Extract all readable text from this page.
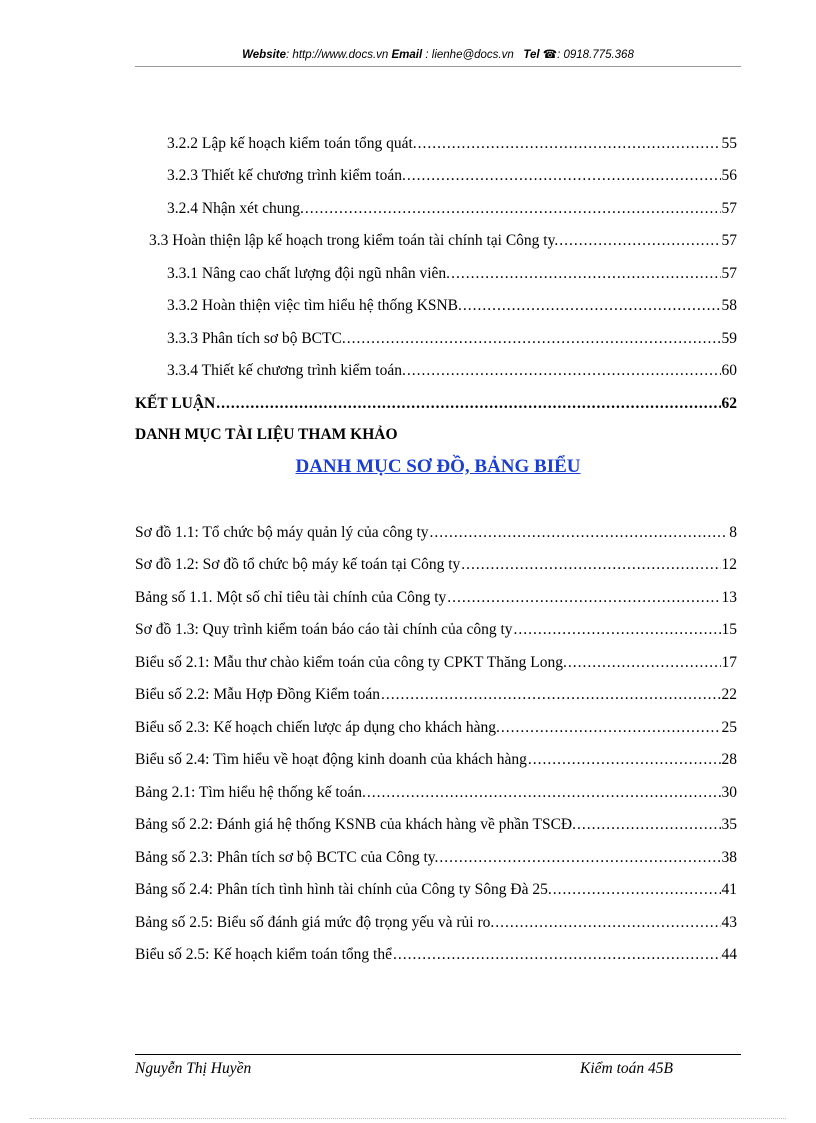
Website: http://www.docs.vn Email : lienhe@docs.vn Tel ☎: 0918.775.368
3.2.2 Lập kế hoạch kiểm toán tổng quát. .....	55
3.2.3 Thiết kế chương trình kiểm toán. .....	56
3.2.4 Nhận xét chung. .....	57
3.3 Hoàn thiện lập kế hoạch trong kiểm toán tài chính tại Công ty. .....	57
3.3.1 Nâng cao chất lượng đội ngũ nhân viên. .....	57
3.3.2 Hoàn thiện việc tìm hiểu hệ thống KSNB. .....	58
3.3.3 Phân tích sơ bộ BCTC. .....	59
3.3.4 Thiết kế chương trình kiểm toán. .....	60
KẾT LUẬN .....	62
DANH MỤC TÀI LIỆU THAM KHẢO
DANH MỤC SƠ ĐỒ, BẢNG BIỂU
Sơ đồ 1.1: Tổ chức bộ máy quản lý của công ty .....	8
Sơ đồ 1.2: Sơ đồ tổ chức bộ máy kế toán tại Công ty .....	12
Bảng số 1.1. Một số chỉ tiêu tài chính của Công ty .....	13
Sơ đồ 1.3: Quy trình kiểm toán báo cáo tài chính của công ty .....	15
Biểu số 2.1: Mẫu thư chào kiểm toán của công ty CPKT Thăng Long. .....	17
Biểu số 2.2: Mẫu Hợp Đồng Kiểm toán .....	22
Biểu số 2.3: Kế hoạch chiến lược áp dụng cho khách hàng. .....	25
Biểu số 2.4: Tìm hiểu về hoạt động kinh doanh của khách hàng .....	28
Bảng 2.1: Tìm hiểu hệ thống kế toán. .....	30
Bảng số 2.2: Đánh giá hệ thống KSNB của khách hàng về phần TSCĐ. .....	35
Bảng số 2.3: Phân tích sơ bộ BCTC của Công ty. .....	38
Bảng số 2.4: Phân tích tình hình tài chính của Công ty Sông Đà 25. .....	41
Bảng số 2.5: Biểu số đánh giá mức độ trọng yếu và rủi ro. .....	43
Biểu số 2.5: Kế hoạch kiểm toán tổng thể .....	44
Nguyễn Thị Huyền	Kiểm toán 45B
